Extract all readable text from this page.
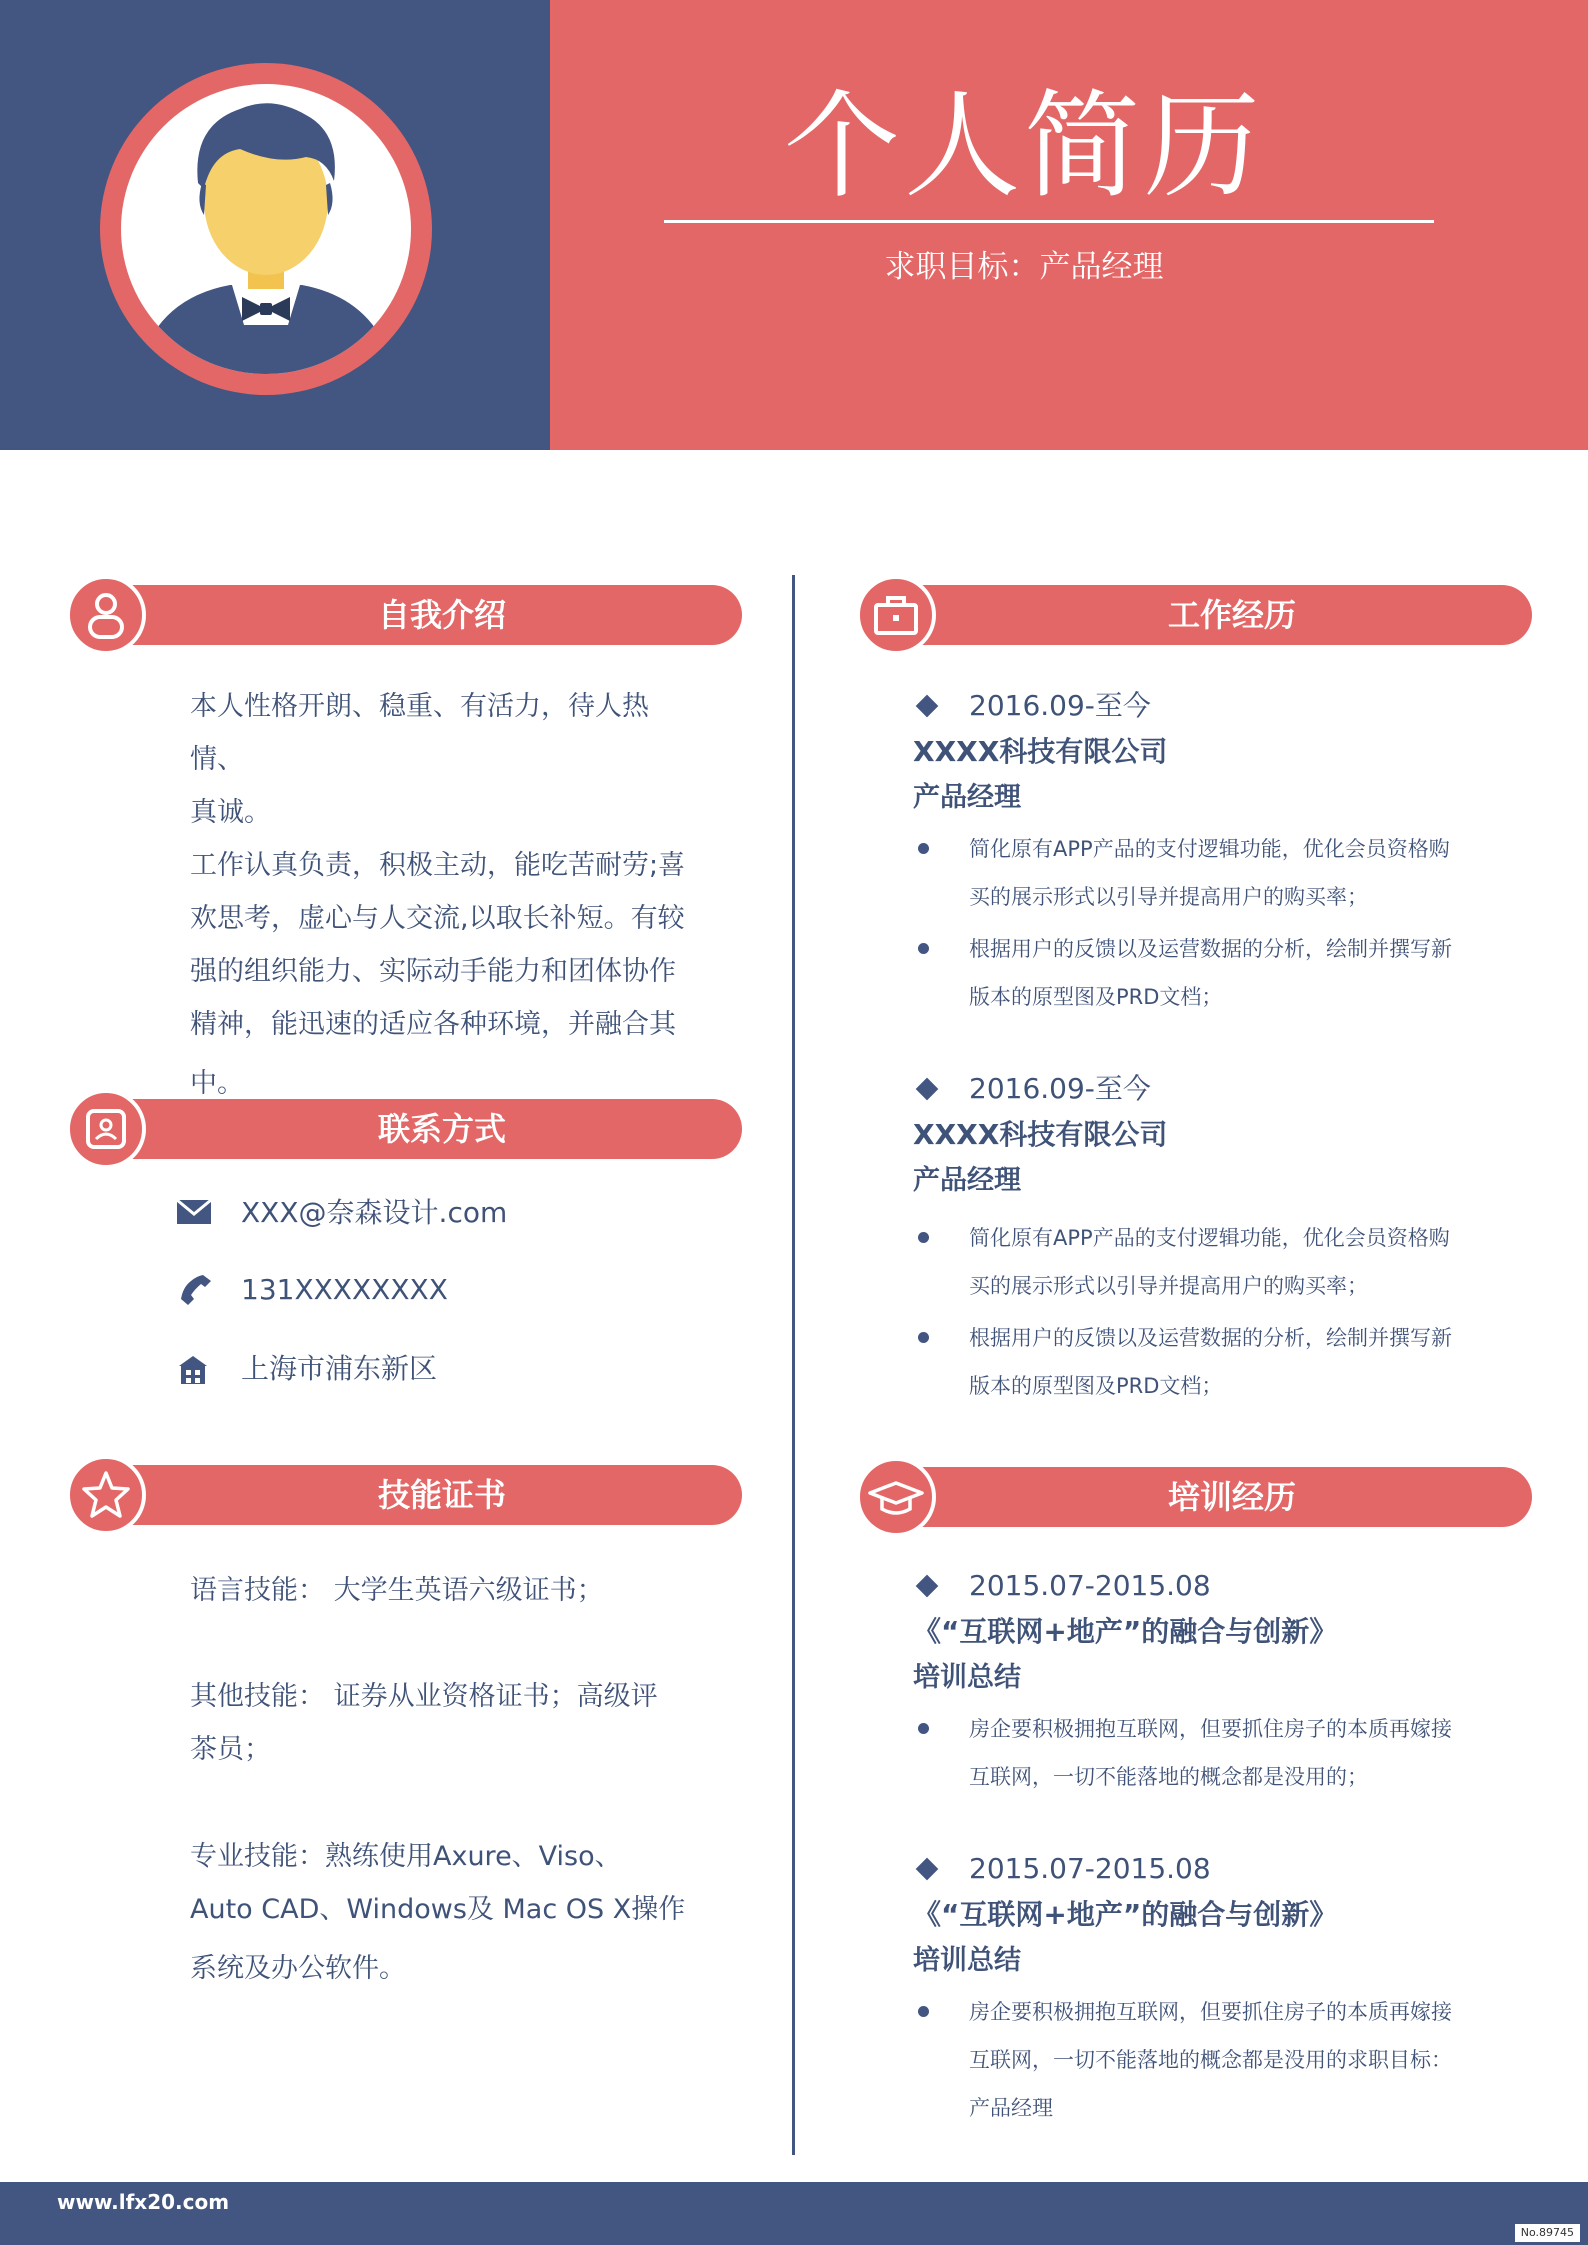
个人简历
求职目标：产品经理
自我介绍
本人性格开朗、稳重、有活力，待人热情、
真诚。
工作认真负责，积极主动，能吃苦耐劳;喜
欢思考，虚心与人交流,以取长补短。有较
强的组织能力、实际动手能力和团体协作
精神，能迅速的适应各种环境，并融合其
中。
联系方式
XXX@奈森设计.com
131XXXXXXXX
上海市浦东新区
技能证书
语言技能： 大学生英语六级证书；
其他技能： 证券从业资格证书；高级评
茶员；
专业技能：熟练使用Axure、Viso、
Auto CAD、Windows及 Mac OS X操作
系统及办公软件。
工作经历
2016.09-至今
XXXX科技有限公司
产品经理
简化原有APP产品的支付逻辑功能，优化会员资格购
买的展示形式以引导并提高用户的购买率；
根据用户的反馈以及运营数据的分析，绘制并撰写新
版本的原型图及PRD文档；
2016.09-至今
XXXX科技有限公司
产品经理
简化原有APP产品的支付逻辑功能，优化会员资格购
买的展示形式以引导并提高用户的购买率；
根据用户的反馈以及运营数据的分析，绘制并撰写新
版本的原型图及PRD文档；
培训经历
2015.07-2015.08
《“互联网+地产”的融合与创新》
培训总结
房企要积极拥抱互联网，但要抓住房子的本质再嫁接
互联网，一切不能落地的概念都是没用的；
2015.07-2015.08
《“互联网+地产”的融合与创新》
培训总结
房企要积极拥抱互联网，但要抓住房子的本质再嫁接
互联网，一切不能落地的概念都是没用的求职目标：
产品经理
www.lfx20.com
No.89745
